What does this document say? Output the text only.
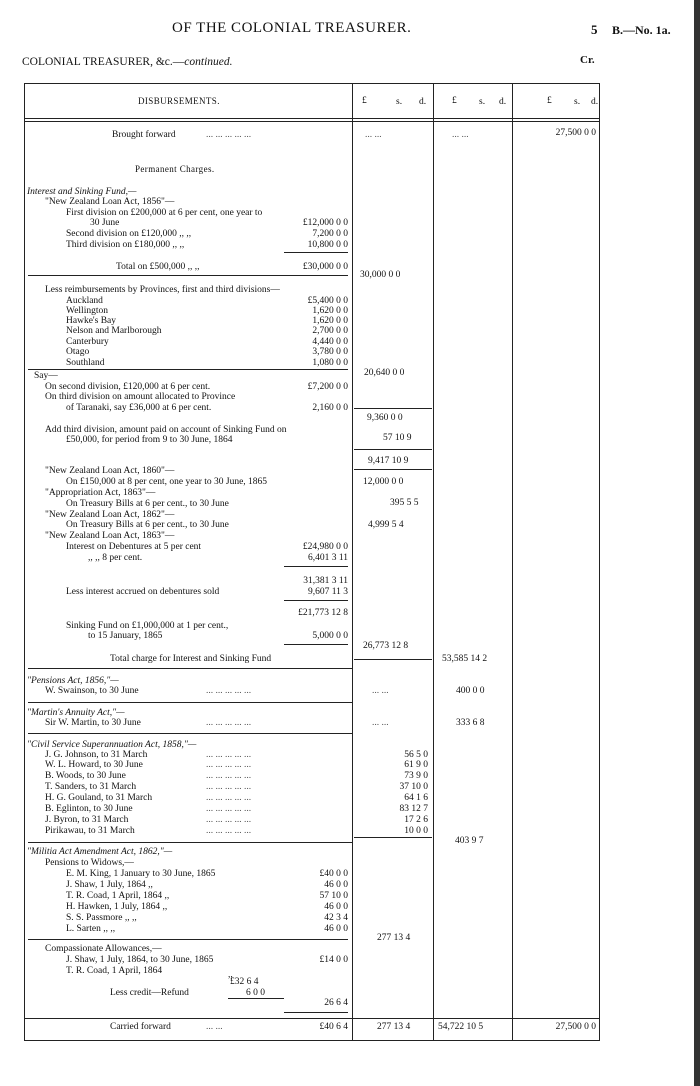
OF THE COLONIAL TREASURER.	5 B.—No. 1a.
COLONIAL TREASURER, &c.—continued.	Cr.
DISBURSEMENTS.	£	s. d.	£ s. d.	£ s. d.
Brought forward	... ... ... ... ...	... ...	... ...	27,500 0 0
Permanent Charges.
Interest and Sinking Fund,—
"New Zealand Loan Act, 1856"—
First division on £200,000 at 6 per cent, one year to
30 June	£12,000 0 0
Second division on £120,000 ,, ,,	7,200 0 0
Third division on £180,000 ,, ,,	10,800 0 0
Total on £500,000 ,, ,,	£30,000 0 0
30,000 0 0
Less reimbursements by Provinces, first and third divisions—
Auckland	£5,400 0 0
Wellington	1,620 0 0
Hawke's Bay	1,620 0 0
Nelson and Marlborough	2,700 0 0
Canterbury	4,440 0 0
Otago	3,780 0 0
Southland	1,080 0 0
20,640 0 0
Say—
On second division, £120,000 at 6 per cent.	£7,200 0 0
On third division on amount allocated to Province
of Taranaki, say £36,000 at 6 per cent.	2,160 0 0
9,360 0 0
Add third division, amount paid on account of Sinking Fund on
£50,000, for period from 9 to 30 June, 1864	57 10 9
9,417 10 9
"New Zealand Loan Act, 1860"—
On £150,000 at 8 per cent, one year to 30 June, 1865	12,000 0 0
"Appropriation Act, 1863"—
On Treasury Bills at 6 per cent., to 30 June	395 5 5
"New Zealand Loan Act, 1862"—
On Treasury Bills at 6 per cent., to 30 June	4,999 5 4
"New Zealand Loan Act, 1863"—
Interest on Debentures at 5 per cent	£24,980 0 0
,, ,, 8 per cent.	6,401 3 11
31,381 3 11
Less interest accrued on debentures sold	9,607 11 3
£21,773 12 8
Sinking Fund on £1,000,000 at 1 per cent.,
to 15 January, 1865	5,000 0 0
26,773 12 8
Total charge for Interest and Sinking Fund	53,585 14 2
"Pensions Act, 1856,"—
W. Swainson, to 30 June	... ... ... ... ...	... ...	400 0 0
"Martin's Annuity Act,"—
Sir W. Martin, to 30 June	... ... ... ... ...	... ...	333 6 8
"Civil Service Superannuation Act, 1858,"—
J. G. Johnson, to 31 March	... ... ... ... ...	56 5 0
W. L. Howard, to 30 June	... ... ... ... ...	61 9 0
B. Woods, to 30 June	... ... ... ... ...	73 9 0
T. Sanders, to 31 March	... ... ... ... ...	37 10 0
H. G. Gouland, to 31 March	... ... ... ... ...	64 1 6
B. Eglinton, to 30 June	... ... ... ... ...	83 12 7
J. Byron, to 31 March	... ... ... ... ...	17 2 6
Pirikawau, to 31 March	... ... ... ... ...	10 0 0
403 9 7
"Militia Act Amendment Act, 1862,"—
Pensions to Widows,—
E. M. King, 1 January to 30 June, 1865	£40 0 0
J. Shaw, 1 July, 1864 ,,	46 0 0
T. R. Coad, 1 April, 1864 ,,	57 10 0
H. Hawken, 1 July, 1864 ,,	46 0 0
S. S. Passmore ,, ,,	42 3 4
L. Sarten ,, ,,	46 0 0
277 13 4
Compassionate Allowances,—
J. Shaw, 1 July, 1864, to 30 June, 1865	£14 0 0
T. R. Coad, 1 April, 1864	,,
£32 6 4
Less credit—Refund	6 0 0
26 6 4
Carried forward	... ...	£40 6 4	277 13 4	54,722 10 5	27,500 0 0
